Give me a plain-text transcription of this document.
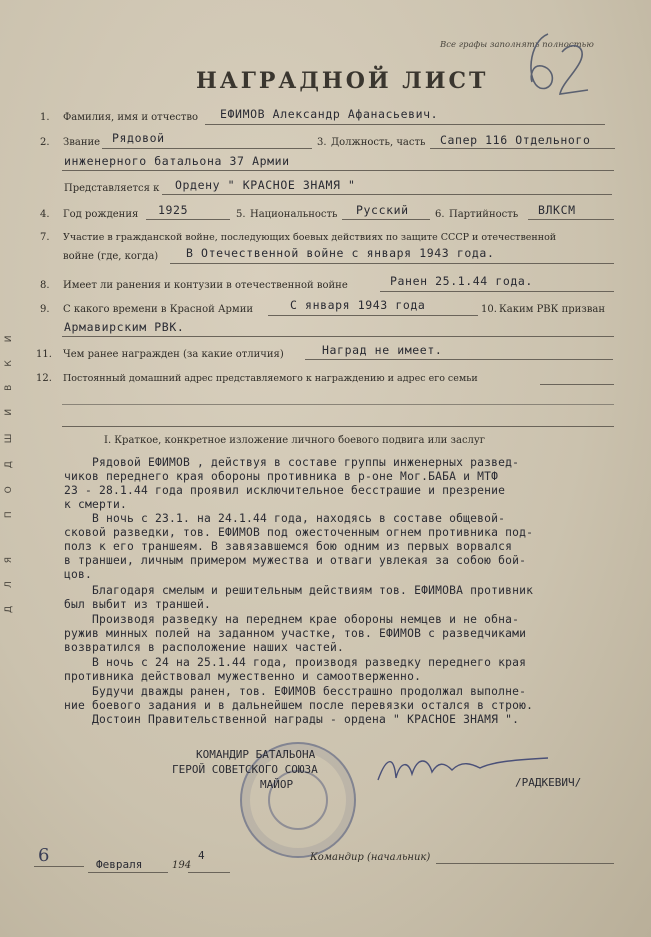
Все графы заполнять полностью
НАГРАДНОЙ ЛИСТ
ДЛЯ ПОДШИВКИ
1. Фамилия, имя и отчество ЕФИМОВ Александр Афанасьевич.
2. Звание Рядовой	3. Должность, часть Сапер 116 Отдельного
инженерного батальона 37 Армии
Представляется к Ордену " КРАСНОЕ ЗНАМЯ "
4. Год рождения 1925	5. Национальность Русский	6. Партийность ВЛКСМ
7. Участие в гражданской войне, последующих боевых действиях по защите СССР и отечественной
войне (где, когда) В Отечественной войне с января 1943 года.
8. Имеет ли ранения и контузии в отечественной войне	Ранен 25.1.44 года.
9. С какого времени в Красной Армии	С января 1943 года	10. Каким РВК призван
Армавирским РВК.
11. Чем ранее награжден (за какие отличия)	Наград не имеет.
12. Постоянный домашний адрес представляемого к награждению и адрес его семьи
I. Краткое, конкретное изложение личного боевого подвига или заслуг
Рядовой ЕФИМОВ , действуя в составе группы инженерных развед-
чиков переднего края обороны противника в р-оне Мог.БАБА и МТФ
23 - 28.1.44 года проявил исключительное бесстрашие и презрение
к смерти.
В ночь с 23.1. на 24.1.44 года, находясь в составе общевой-
сковой разведки, тов. ЕФИМОВ под ожесточенным огнем противника под-
полз к его траншеям. В завязавшемся бою одним из первых ворвался
в траншеи, личным примером мужества и отваги увлекая за собою бой-
цов.
Благодаря смелым и решительным действиям тов. ЕФИМОВА противник
был выбит из траншей.
Производя разведку на переднем крае обороны немцев и не обна-
ружив минных полей на заданном участке, тов. ЕФИМОВ с разведчиками
возвратился в расположение наших частей.
В ночь с 24 на 25.1.44 года, производя разведку переднего края
противника действовал мужественно и самоотверженно.
Будучи дважды ранен, тов. ЕФИМОВ бесстрашно продолжал выполне-
ние боевого задания и в дальнейшем после перевязки остался в строю.
Достоин Правительственной награды - ордена " КРАСНОЕ ЗНАМЯ ".
КОМАНДИР БАТАЛЬОНА
ГЕРОЙ СОВЕТСКОГО СОЮЗА
МАЙОР	/РАДКЕВИЧ/
6	Февраля	194
4	Командир (начальник)
